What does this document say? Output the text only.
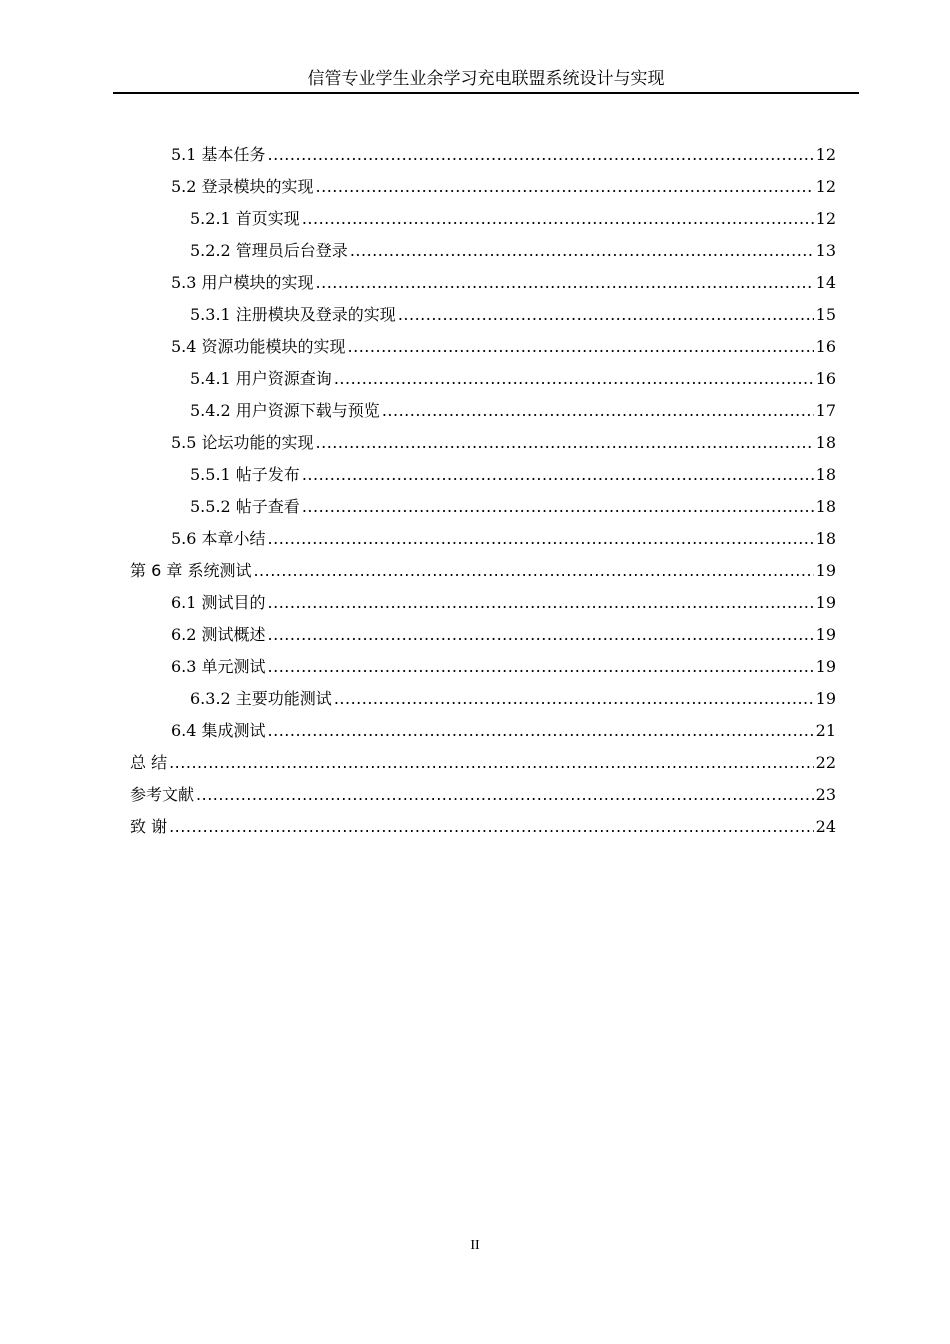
信管专业学生业余学习充电联盟系统设计与实现
5.1 基本任务 .....	12
5.2 登录模块的实现 .....	12
5.2.1 首页实现 .....	12
5.2.2 管理员后台登录 .....	13
5.3 用户模块的实现 .....	14
5.3.1 注册模块及登录的实现 .....	15
5.4 资源功能模块的实现 .....	16
5.4.1 用户资源查询 .....	16
5.4.2 用户资源下载与预览 .....	17
5.5 论坛功能的实现 .....	18
5.5.1 帖子发布 .....	18
5.5.2 帖子查看 .....	18
5.6 本章小结 .....	18
第 6 章 系统测试 .....	19
6.1 测试目的 .....	19
6.2 测试概述 .....	19
6.3 单元测试 .....	19
6.3.2 主要功能测试 .....	19
6.4 集成测试 .....	21
总 结 .....	22
参考文献 .....	23
致 谢 .....	24
II
